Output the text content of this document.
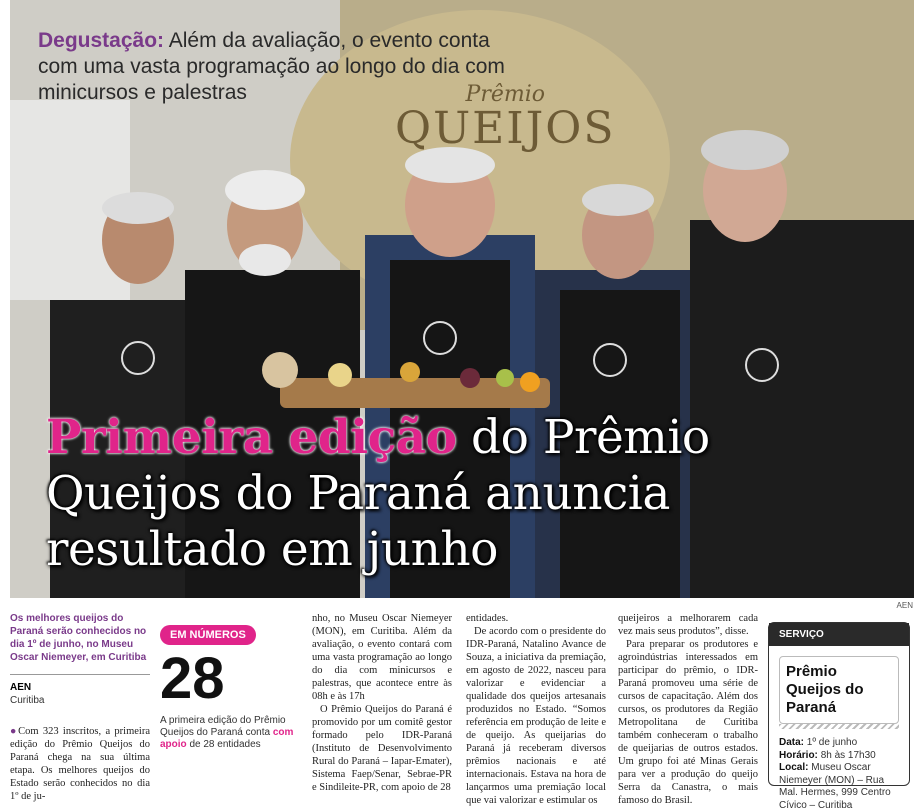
Degustação: Além da avaliação, o evento conta com uma vasta programação ao longo do dia com minicursos e palestras	Prêmio
QUEIJOS
Primeira edição do Prêmio Queijos do Paraná anuncia resultado em junho
AEN
Os melhores queijos do Paraná serão conhecidos no dia 1º de junho, no Museu Oscar Niemeyer, em Curitiba
AEN
Curitiba

●Com 323 inscritos, a primeira edição do Prêmio Queijos do Paraná chega na sua última etapa. Os melhores queijos do Estado serão conhecidos no dia 1º de ju-

EM NÚMEROS
28
A primeira edição do Prêmio Queijos do Paraná conta com apoio de 28 entidades

nho, no Museu Oscar Niemeyer (MON), em Curitiba. Além da avaliação, o evento contará com uma vasta programação ao longo do dia com minicursos e palestras, que acontece entre às 08h e às 17h

O Prêmio Queijos do Paraná é promovido por um comitê gestor formado pelo IDR-Paraná (Instituto de Desenvolvimento Rural do Paraná – Iapar-Emater), Sistema Faep/Senar, Sebrae-PR e Sindileite-PR, com apoio de 28

entidades.

De acordo com o presidente do IDR-Paraná, Natalino Avance de Souza, a iniciativa da premiação, em agosto de 2022, nasceu para valorizar e evidenciar a qualidade dos queijos artesanais produzidos no Estado. “Somos referência em produção de leite e de queijo. As queijarias do Paraná já receberam diversos prêmios nacionais e até internacionais. Estava na hora de lançarmos uma premiação local que vai valorizar e estimular os

queijeiros a melhorarem cada vez mais seus produtos”, disse.

Para preparar os produtores e agroindústrias interessados em participar do prêmio, o IDR-Paraná promoveu uma série de cursos de capacitação. Além dos cursos, os produtores da Região Metropolitana de Curitiba também conheceram o trabalho de queijarias de outros estados. Um grupo foi até Minas Gerais para ver a produção do queijo Serra da Canastra, o mais famoso do Brasil.

SERVIÇO
Prêmio Queijos do Paraná
Data: 1º de junho
Horário: 8h às 17h30
Local: Museu Oscar Niemeyer (MON) – Rua Mal. Hermes, 999 Centro Cívico – Curitiba
